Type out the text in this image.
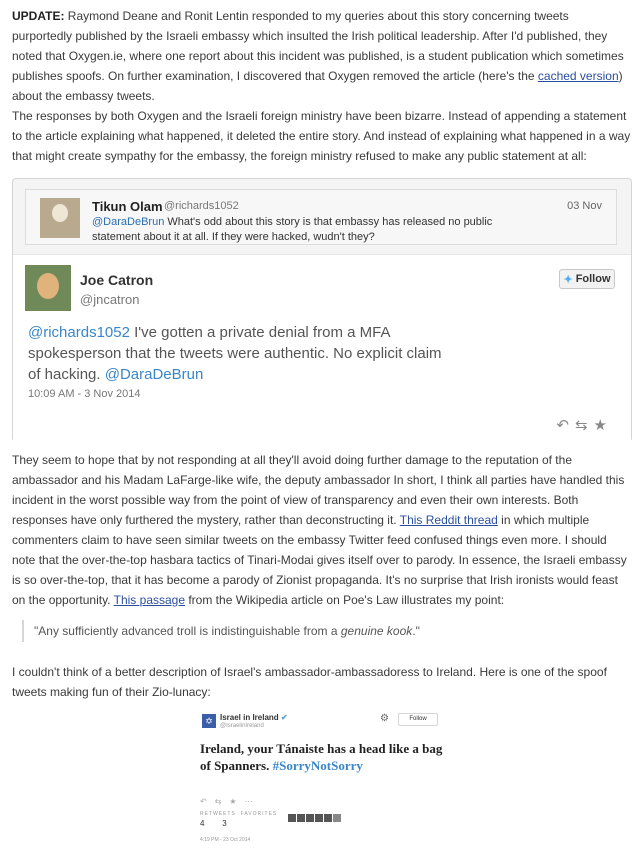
UPDATE: Raymond Deane and Ronit Lentin responded to my queries about this story concerning tweets purportedly published by the Israeli embassy which insulted the Irish political leadership. After I'd published, they noted that Oxygen.ie, where one report about this incident was published, is a student publication which sometimes publishes spoofs. On further examination, I discovered that Oxygen removed the article (here's the cached version) about the embassy tweets.

The responses by both Oxygen and the Israeli foreign ministry have been bizarre. Instead of appending a statement to the article explaining what happened, it deleted the entire story. And instead of explaining what happened in a way that might create sympathy for the embassy, the foreign ministry refused to make any public statement at all:

Tikun Olam @richards1052	03 Nov
@DaraDeBrun What's odd about this story is that embassy has released no public statement about it at all. If they were hacked, wudn't they?
Joe Catron
@jncatron
✦ Follow
@richards1052 I've gotten a private denial from a MFA spokesperson that the tweets were authentic. No explicit claim of hacking. @DaraDeBrun
10:09 AM - 3 Nov 2014
↶⇆★

They seem to hope that by not responding at all they'll avoid doing further damage to the reputation of the ambassador and his Madam LaFarge-like wife, the deputy ambassador In short, I think all parties have handled this incident in the worst possible way from the point of view of transparency and even their own interests. Both responses have only furthered the mystery, rather than deconstructing it. This Reddit thread in which multiple commenters claim to have seen similar tweets on the embassy Twitter feed confused things even more. I should note that the over-the-top hasbara tactics of Tinari-Modai gives itself over to parody. In essence, the Israeli embassy is so over-the-top, that it has become a parody of Zionist propaganda. It's no surprise that Irish ironists would feast on the opportunity. This passage from the Wikipedia article on Poe's Law illustrates my point:

"Any sufficiently advanced troll is indistinguishable from a genuine kook."

I couldn't think of a better description of Israel's ambassador-ambassadoress to Ireland. Here is one of the spoof tweets making fun of their Zio-lunacy:

✡ Israel in Ireland ✔
@IsraelinIreland
⚙	Follow
Ireland, your Tánaiste has a head like a bag of Spanners. #SorryNotSorry
↶⇆★⋯
RETWEETS FAVORITES
4 3
4:19 PM - 23 Oct 2014
